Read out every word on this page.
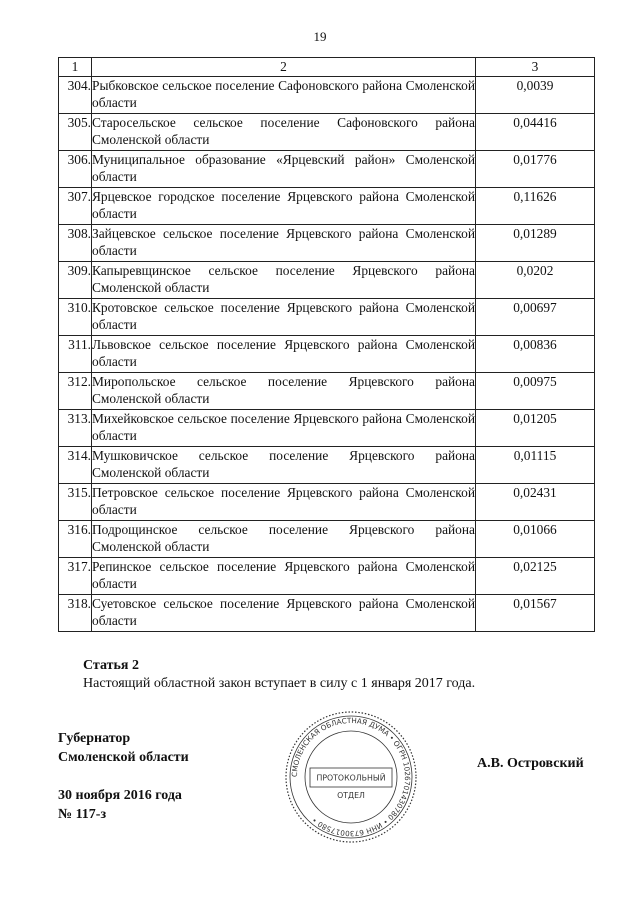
19
1	2	3
304.	Рыбковское сельское поселение Сафоновского района Смоленской области	0,0039
305.	Старосельское сельское поселение Сафоновского района Смоленской области	0,04416
306.	Муниципальное образование «Ярцевский район» Смоленской области	0,01776
307.	Ярцевское городское поселение Ярцевского района Смоленской области	0,11626
308.	Зайцевское сельское поселение Ярцевского района Смоленской области	0,01289
309.	Капыревщинское сельское поселение Ярцевского района Смоленской области	0,0202
310.	Кротовское сельское поселение Ярцевского района Смоленской области	0,00697
311.	Львовское сельское поселение Ярцевского района Смоленской области	0,00836
312.	Миропольское сельское поселение Ярцевского района Смоленской области	0,00975
313.	Михейковское сельское поселение Ярцевского района Смоленской области	0,01205
314.	Мушковичское сельское поселение Ярцевского района Смоленской области	0,01115
315.	Петровское сельское поселение Ярцевского района Смоленской области	0,02431
316.	Подрощинское сельское поселение Ярцевского района Смоленской области	0,01066
317.	Репинское сельское поселение Ярцевского района Смоленской области	0,02125
318.	Суетовское сельское поселение Ярцевского района Смоленской области	0,01567
Статья 2
Настоящий областной закон вступает в силу с 1 января 2017 года.
Губернатор
Смоленской области
30 ноября 2016 года
№ 117-з
А.В. Островский
СМОЛЕНСКАЯ ОБЛАСТНАЯ ДУМА • ОГРН 1026701430780 • ИНН 6730017580 •
ПРОТОКОЛЬНЫЙ
ОТДЕЛ
